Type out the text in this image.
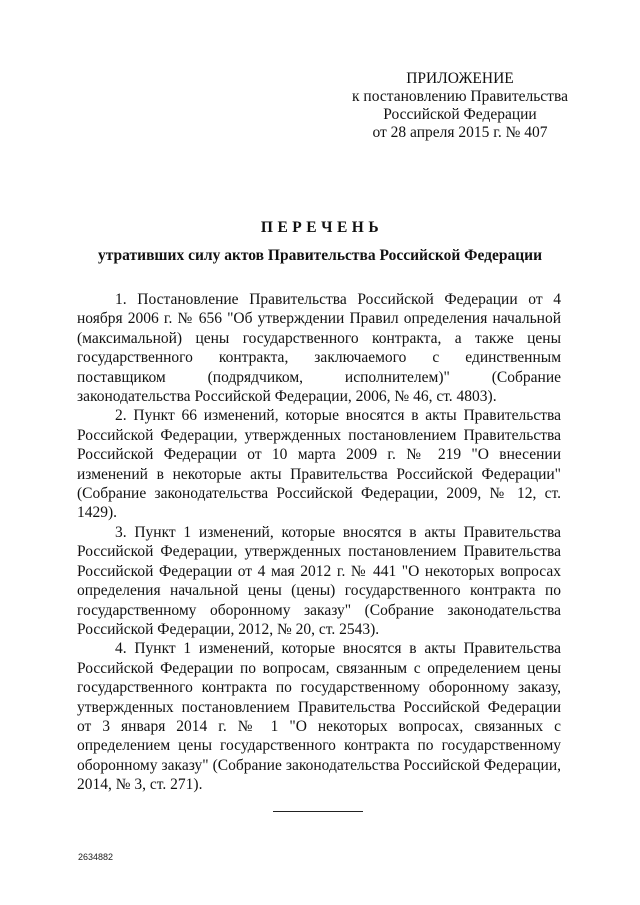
ПРИЛОЖЕНИЕ
к постановлению Правительства
Российской Федерации
от 28 апреля 2015 г. № 407
ПЕРЕЧЕНЬ
утративших силу актов Правительства Российской Федерации

1. Постановление Правительства Российской Федерации от 4 ноября 2006 г. № 656 "Об утверждении Правил определения начальной (максимальной) цены государственного контракта, а также цены государственного контракта, заключаемого с единственным поставщиком (подрядчиком, исполнителем)" (Собрание законодательства Российской Федерации, 2006, № 46, ст. 4803).

2. Пункт 66 изменений, которые вносятся в акты Правительства Российской Федерации, утвержденных постановлением Правительства Российской Федерации от 10 марта 2009 г. № 219 "О внесении изменений в некоторые акты Правительства Российской Федерации" (Собрание законодательства Российской Федерации, 2009, № 12, ст. 1429).

3. Пункт 1 изменений, которые вносятся в акты Правительства Российской Федерации, утвержденных постановлением Правительства Российской Федерации от 4 мая 2012 г. № 441 "О некоторых вопросах определения начальной цены (цены) государственного контракта по государственному оборонному заказу" (Собрание законодательства Российской Федерации, 2012, № 20, ст. 2543).

4. Пункт 1 изменений, которые вносятся в акты Правительства Российской Федерации по вопросам, связанным с определением цены государственного контракта по государственному оборонному заказу, утвержденных постановлением Правительства Российской Федерации от 3 января 2014 г. № 1 "О некоторых вопросах, связанных с определением цены государственного контракта по государственному оборонному заказу" (Собрание законодательства Российской Федерации, 2014, № 3, ст. 271).

2634882
